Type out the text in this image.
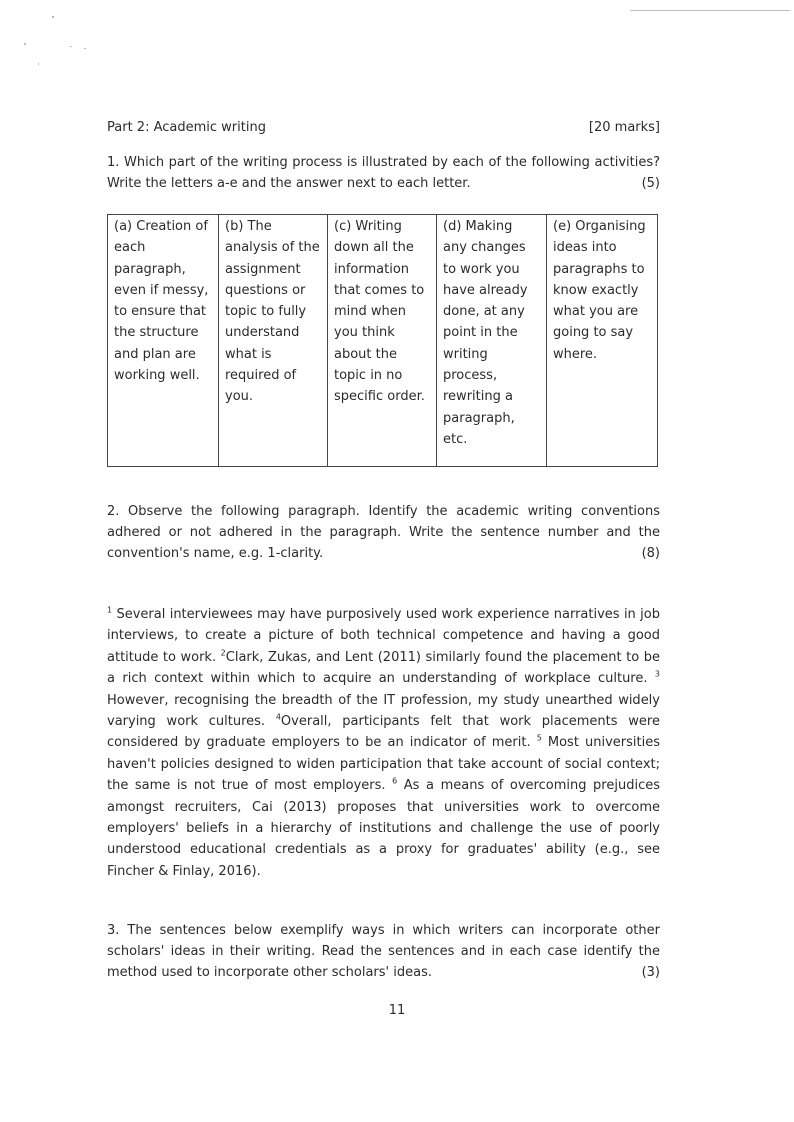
Part 2: Academic writing	[20 marks]
1. Which part of the writing process is illustrated by each of the following activities? Write the letters a-e and the answer next to each letter.	(5)
(a) Creation of each paragraph, even if messy, to ensure that the structure and plan are working well.	(b) The analysis of the assignment questions or topic to fully understand what is required of you.	(c) Writing down all the information that comes to mind when you think about the topic in no specific order.	(d) Making any changes to work you have already done, at any point in the writing process, rewriting a paragraph, etc.	(e) Organising ideas into paragraphs to know exactly what you are going to say where.
2. Observe the following paragraph. Identify the academic writing conventions adhered or not adhered in the paragraph. Write the sentence number and the convention's name, e.g. 1-clarity.	(8)
$^1$ Several interviewees may have purposively used work experience narratives in job interviews, to create a picture of both technical competence and having a good attitude to work. $^2$Clark, Zukas, and Lent (2011) similarly found the placement to be a rich context within which to acquire an understanding of workplace culture. $^3$ However, recognising the breadth of the IT profession, my study unearthed widely varying work cultures. $^4$Overall, participants felt that work placements were considered by graduate employers to be an indicator of merit. $^5$ Most universities haven't policies designed to widen participation that take account of social context; the same is not true of most employers. $^6$ As a means of overcoming prejudices amongst recruiters, Cai (2013) proposes that universities work to overcome employers' beliefs in a hierarchy of institutions and challenge the use of poorly understood educational credentials as a proxy for graduates' ability (e.g., see Fincher & Finlay, 2016).
3. The sentences below exemplify ways in which writers can incorporate other scholars' ideas in their writing. Read the sentences and in each case identify the method used to incorporate other scholars' ideas.	(3)
11
